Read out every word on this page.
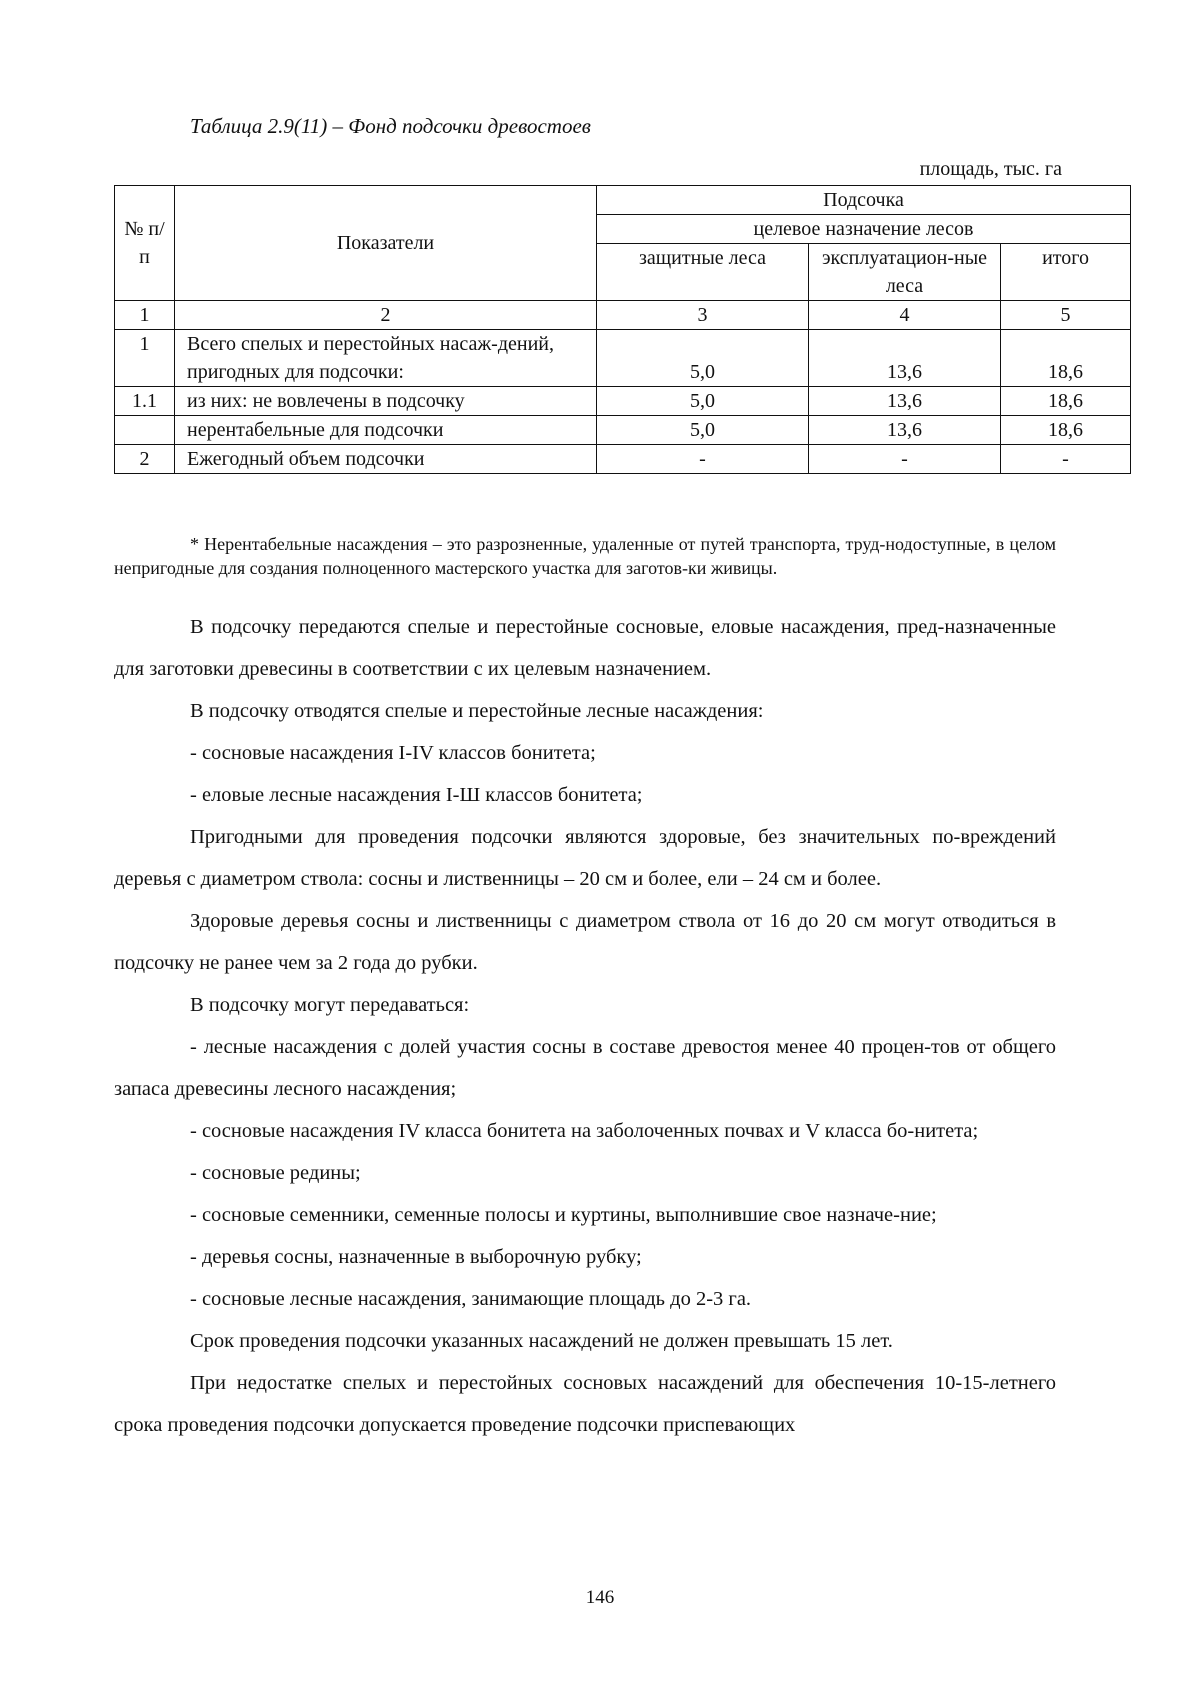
Таблица 2.9(11) – Фонд подсочки древостоев
площадь, тыс. га
№ п/п	Показатели	Подсочка		
		целевое назначение лесов		
		защитные леса	эксплуатацион-ные леса	итого
1	2	3	4	5
1	Всего спелых и перестойных насаж-дений, пригодных для подсочки:	5,0	13,6	18,6
1.1	из них: не вовлечены в подсочку	5,0	13,6	18,6
	нерентабельные для подсочки	5,0	13,6	18,6
2	Ежегодный объем подсочки	-	-	-
* Нерентабельные насаждения – это разрозненные, удаленные от путей транспорта, труд-нодоступные, в целом непригодные для создания полноценного мастерского участка для заготов-ки живицы.

В подсочку передаются спелые и перестойные сосновые, еловые насаждения, пред-назначенные для заготовки древесины в соответствии с их целевым назначением.

В подсочку отводятся спелые и перестойные лесные насаждения:

- сосновые насаждения I-IV классов бонитета;

- еловые лесные насаждения I-Ш классов бонитета;

Пригодными для проведения подсочки являются здоровые, без значительных по-вреждений деревья с диаметром ствола: сосны и лиственницы – 20 см и более, ели – 24 см и более.

Здоровые деревья сосны и лиственницы с диаметром ствола от 16 до 20 см могут отводиться в подсочку не ранее чем за 2 года до рубки.

В подсочку могут передаваться:

- лесные насаждения с долей участия сосны в составе древостоя менее 40 процен-тов от общего запаса древесины лесного насаждения;

- сосновые насаждения IV класса бонитета на заболоченных почвах и V класса бо-нитета;

- сосновые редины;

- сосновые семенники, семенные полосы и куртины, выполнившие свое назначе-ние;

- деревья сосны, назначенные в выборочную рубку;

- сосновые лесные насаждения, занимающие площадь до 2-3 га.

Срок проведения подсочки указанных насаждений не должен превышать 15 лет.

При недостатке спелых и перестойных сосновых насаждений для обеспечения 10-15-летнего срока проведения подсочки допускается проведение подсочки приспевающих

146
